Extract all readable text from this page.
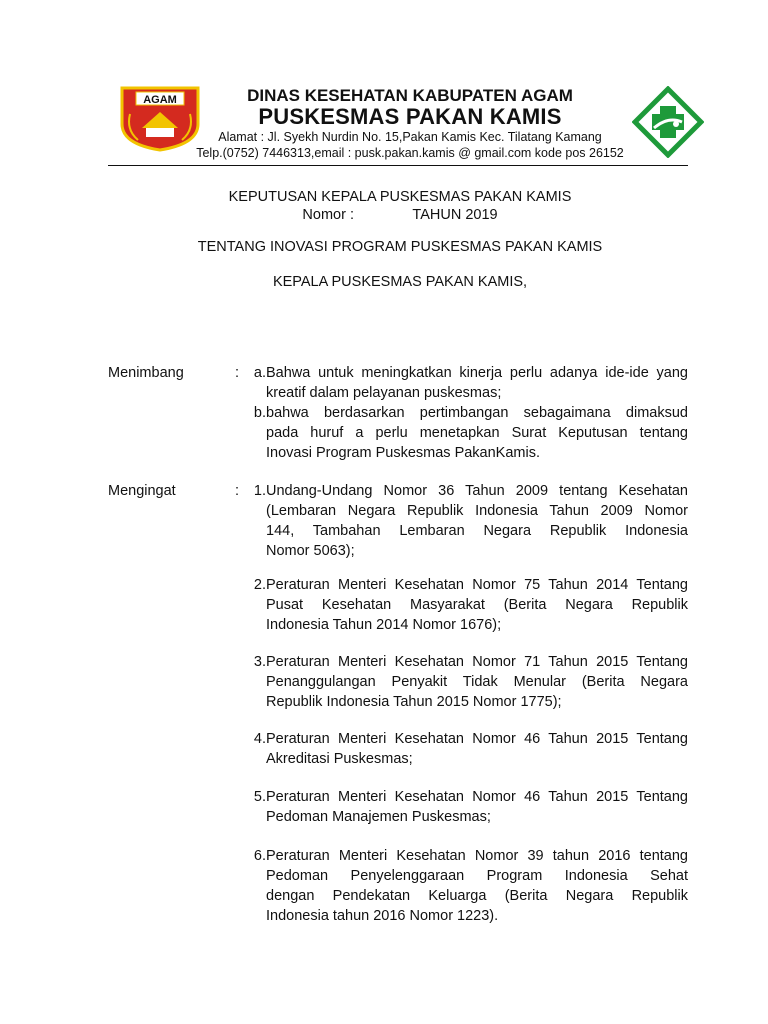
AGAM	DINAS KESEHATAN KABUPATEN AGAM
PUSKESMAS PAKAN KAMIS
Alamat : Jl. Syekh Nurdin No. 15,Pakan Kamis Kec. Tilatang Kamang
Telp.(0752) 7446313,email : pusk.pakan.kamis @ gmail.com kode pos 26152
KEPUTUSAN KEPALA PUSKESMAS PAKAN KAMIS
Nomor :	TAHUN 2019
TENTANG INOVASI PROGRAM PUSKESMAS PAKAN KAMIS
KEPALA PUSKESMAS PAKAN KAMIS,
Menimbang	:	a. Bahwa untuk meningkatkan kinerja perlu adanya ide-ide yang
kreatif dalam pelayanan puskesmas;
b. bahwa berdasarkan pertimbangan sebagaimana dimaksud
pada huruf a perlu menetapkan Surat Keputusan tentang
Inovasi Program Puskesmas PakanKamis.
Mengingat	:	1. Undang-Undang Nomor 36 Tahun 2009 tentang Kesehatan
(Lembaran Negara Republik Indonesia Tahun 2009 Nomor
144, Tambahan Lembaran Negara Republik Indonesia
Nomor 5063);
2. Peraturan Menteri Kesehatan Nomor 75 Tahun 2014 Tentang
Pusat Kesehatan Masyarakat (Berita Negara Republik
Indonesia Tahun 2014 Nomor 1676);
3. Peraturan Menteri Kesehatan Nomor 71 Tahun 2015 Tentang
Penanggulangan Penyakit Tidak Menular (Berita Negara
Republik Indonesia Tahun 2015 Nomor 1775);
4. Peraturan Menteri Kesehatan Nomor 46 Tahun 2015 Tentang
Akreditasi Puskesmas;
5. Peraturan Menteri Kesehatan Nomor 46 Tahun 2015 Tentang
Pedoman Manajemen Puskesmas;
6. Peraturan Menteri Kesehatan Nomor 39 tahun 2016 tentang
Pedoman Penyelenggaraan Program Indonesia Sehat
dengan Pendekatan Keluarga (Berita Negara Republik
Indonesia tahun 2016 Nomor 1223).
